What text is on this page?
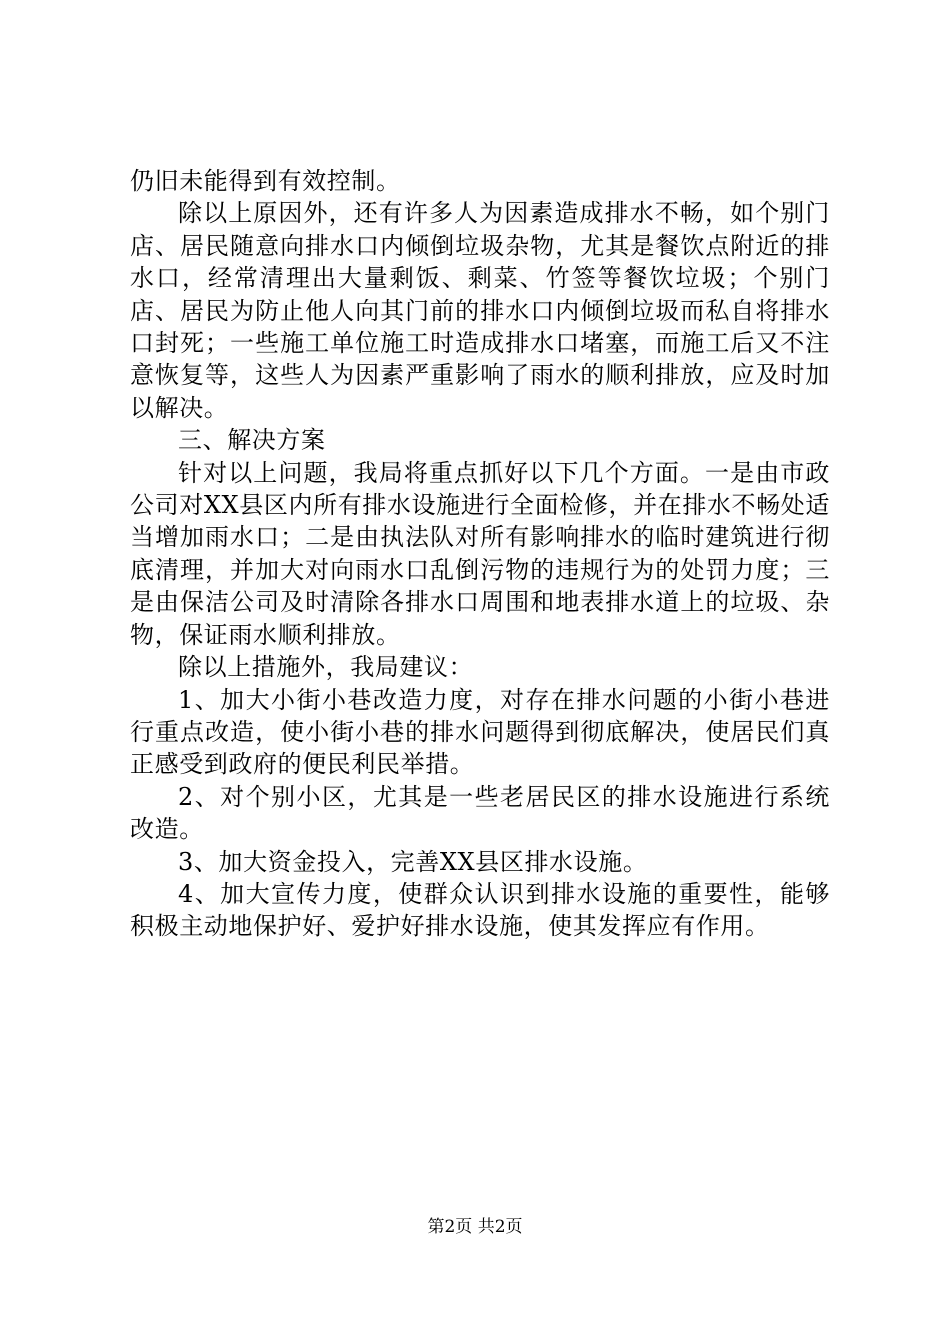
仍旧未能得到有效控制。

除以上原因外，还有许多人为因素造成排水不畅，如个别门店、居民随意向排水口内倾倒垃圾杂物，尤其是餐饮点附近的排水口，经常清理出大量剩饭、剩菜、竹签等餐饮垃圾；个别门店、居民为防止他人向其门前的排水口内倾倒垃圾而私自将排水口封死；一些施工单位施工时造成排水口堵塞，而施工后又不注意恢复等，这些人为因素严重影响了雨水的顺利排放，应及时加以解决。

三、解决方案

针对以上问题，我局将重点抓好以下几个方面。一是由市政公司对XX县区内所有排水设施进行全面检修，并在排水不畅处适当增加雨水口；二是由执法队对所有影响排水的临时建筑进行彻底清理，并加大对向雨水口乱倒污物的违规行为的处罚力度；三是由保洁公司及时清除各排水口周围和地表排水道上的垃圾、杂物，保证雨水顺利排放。

除以上措施外，我局建议：

1、加大小街小巷改造力度，对存在排水问题的小街小巷进行重点改造，使小街小巷的排水问题得到彻底解决，使居民们真正感受到政府的便民利民举措。

2、对个别小区，尤其是一些老居民区的排水设施进行系统改造。

3、加大资金投入，完善XX县区排水设施。

4、加大宣传力度，使群众认识到排水设施的重要性，能够积极主动地保护好、爱护好排水设施，使其发挥应有作用。

第2页 共2页
